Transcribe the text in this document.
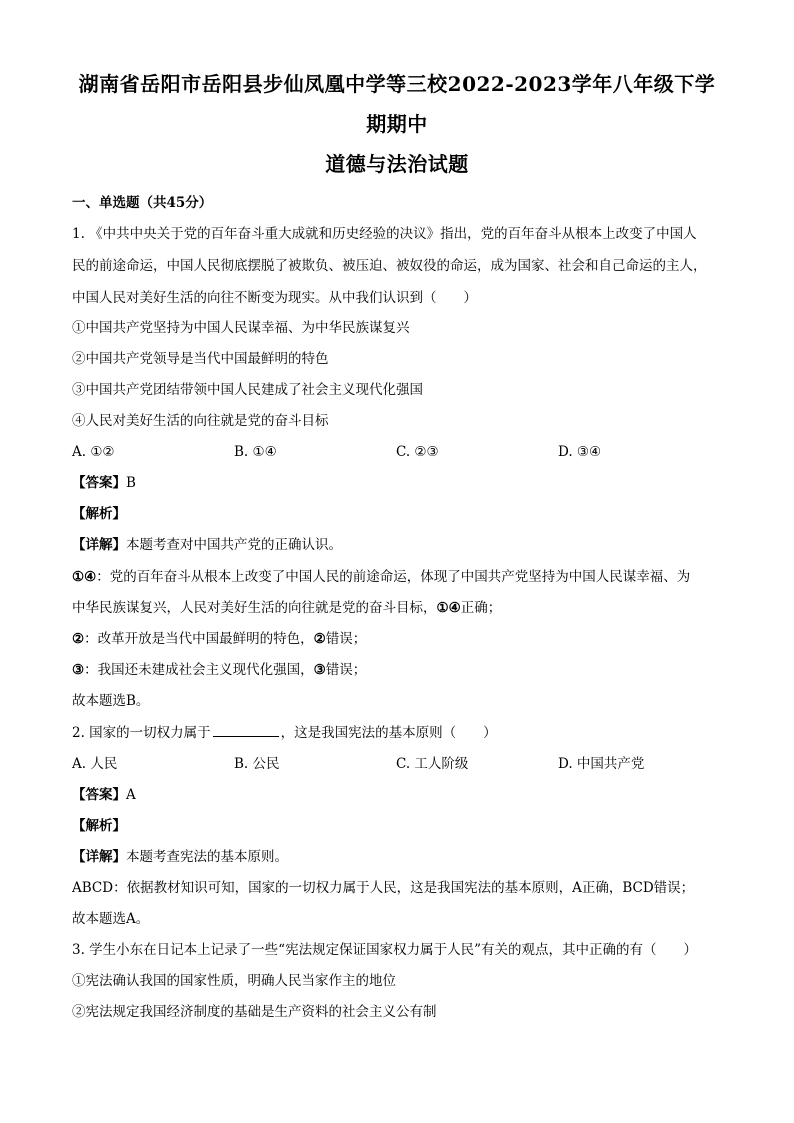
湖南省岳阳市岳阳县步仙凤凰中学等三校2022-2023学年八年级下学
期期中
道德与法治试题
一、单选题（共45分）
1. 《中共中央关于党的百年奋斗重大成就和历史经验的决议》指出，党的百年奋斗从根本上改变了中国人
民的前途命运，中国人民彻底摆脱了被欺负、被压迫、被奴役的命运，成为国家、社会和自己命运的主人，
中国人民对美好生活的向往不断变为现实。从中我们认识到（　　）
①中国共产党坚持为中国人民谋幸福、为中华民族谋复兴
②中国共产党领导是当代中国最鲜明的特色
③中国共产党团结带领中国人民建成了社会主义现代化强国
④人民对美好生活的向往就是党的奋斗目标
A. ①②	B. ①④	C. ②③	D. ③④
【答案】B
【解析】
【详解】本题考查对中国共产党的正确认识。
①④：党的百年奋斗从根本上改变了中国人民的前途命运，体现了中国共产党坚持为中国人民谋幸福、为
中华民族谋复兴，人民对美好生活的向往就是党的奋斗目标，①④正确；
②：改革开放是当代中国最鲜明的特色，②错误；
③：我国还未建成社会主义现代化强国，③错误；
故本题选B。
2. 国家的一切权力属于	，这是我国宪法的基本原则（　　）
A. 人民	B. 公民	C. 工人阶级	D. 中国共产党
【答案】A
【解析】
【详解】本题考查宪法的基本原则。
ABCD：依据教材知识可知，国家的一切权力属于人民，这是我国宪法的基本原则，A正确，BCD错误；
故本题选A。
3. 学生小东在日记本上记录了一些“宪法规定保证国家权力属于人民”有关的观点，其中正确的有（　　）
①宪法确认我国的国家性质，明确人民当家作主的地位
②宪法规定我国经济制度的基础是生产资料的社会主义公有制
